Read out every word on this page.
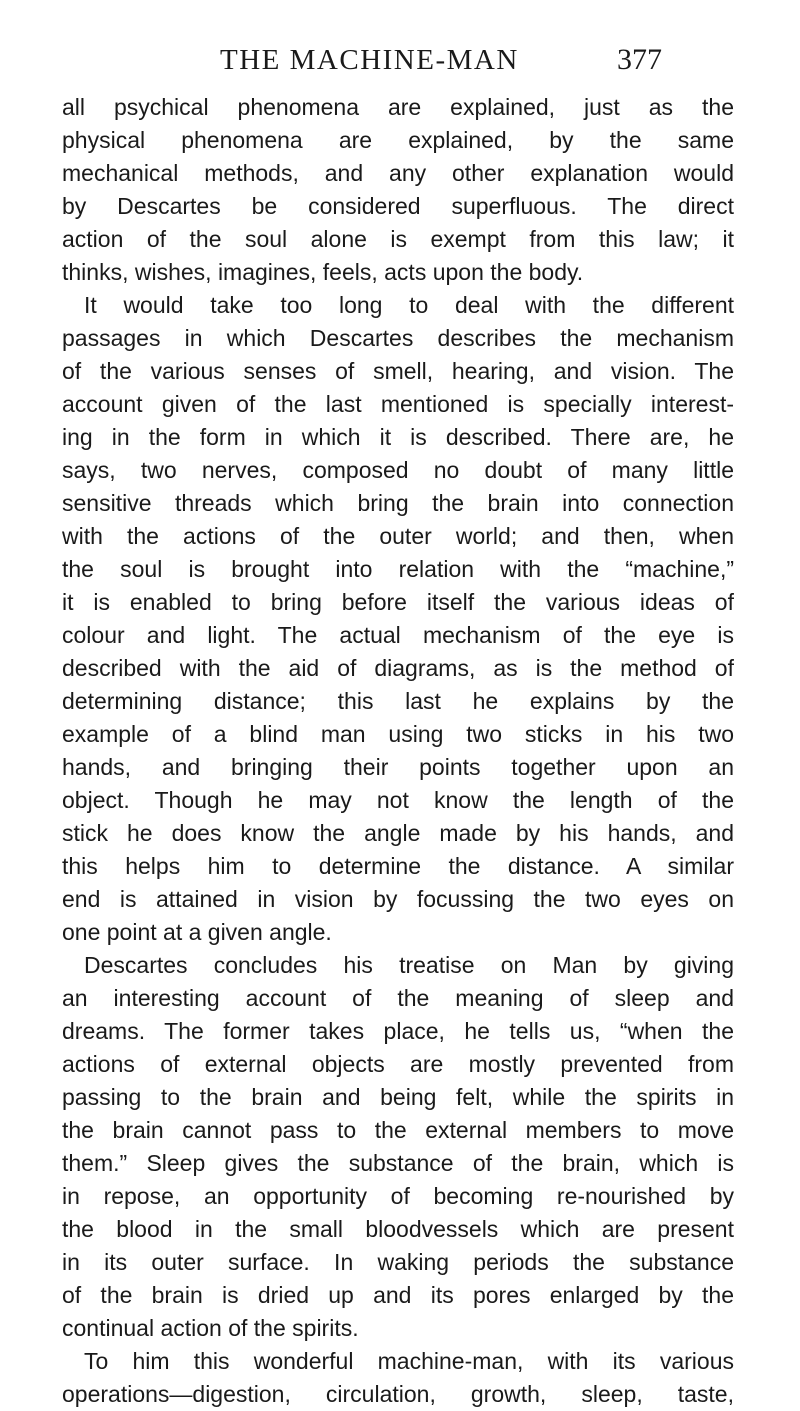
THE MACHINE-MAN	377
all psychical phenomena are explained, just as the
physical phenomena are explained, by the same
mechanical methods, and any other explanation would
by Descartes be considered superfluous. The direct
action of the soul alone is exempt from this law; it
thinks, wishes, imagines, feels, acts upon the body.
It would take too long to deal with the different
passages in which Descartes describes the mechanism
of the various senses of smell, hearing, and vision. The
account given of the last mentioned is specially interest-
ing in the form in which it is described. There are, he
says, two nerves, composed no doubt of many little
sensitive threads which bring the brain into connection
with the actions of the outer world; and then, when
the soul is brought into relation with the “machine,”
it is enabled to bring before itself the various ideas of
colour and light. The actual mechanism of the eye is
described with the aid of diagrams, as is the method of
determining distance; this last he explains by the
example of a blind man using two sticks in his two
hands, and bringing their points together upon an
object. Though he may not know the length of the
stick he does know the angle made by his hands, and
this helps him to determine the distance. A similar
end is attained in vision by focussing the two eyes on
one point at a given angle.
Descartes concludes his treatise on Man by giving
an interesting account of the meaning of sleep and
dreams. The former takes place, he tells us, “when the
actions of external objects are mostly prevented from
passing to the brain and being felt, while the spirits in
the brain cannot pass to the external members to move
them.” Sleep gives the substance of the brain, which is
in repose, an opportunity of becoming re-nourished by
the blood in the small bloodvessels which are present
in its outer surface. In waking periods the substance
of the brain is dried up and its pores enlarged by the
continual action of the spirits.
To him this wonderful machine-man, with its various
operations—digestion, circulation, growth, sleep, taste,
